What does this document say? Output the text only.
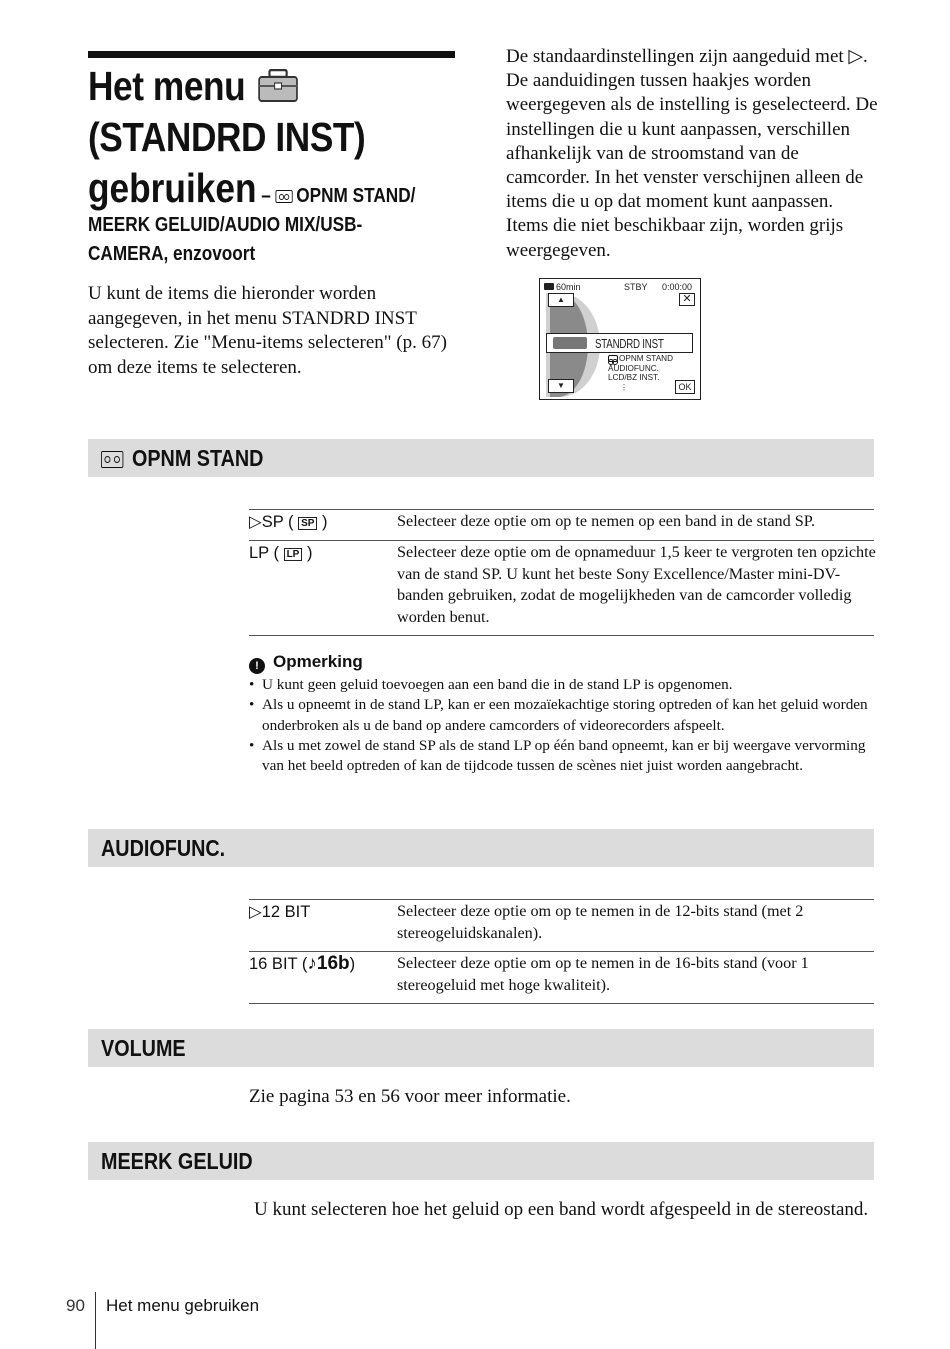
Het menu
(STANDRD INST)
gebruiken – OPNM STAND/
MEERK GELUID/AUDIO MIX/USB-CAMERA, enzovoort
U kunt de items die hieronder worden aangegeven, in het menu STANDRD INST selecteren. Zie "Menu-items selecteren" (p. 67) om deze items te selecteren.
De standaardinstellingen zijn aangeduid met ▷. De aanduidingen tussen haakjes worden weergegeven als de instelling is geselecteerd. De instellingen die u kunt aanpassen, verschillen afhankelijk van de stroomstand van de camcorder. In het venster verschijnen alleen de items die u op dat moment kunt aanpassen. Items die niet beschikbaar zijn, worden grijs weergegeven.
60min	STBY 0:00:00
✕
▲
STANDRD INST
OPNM STAND
AUDIOFUNC.
LCD/BZ INST.
⋮
▼	OK
OPNM STAND
▷SP ( SP )	Selecteer deze optie om op te nemen op een band in de stand SP.
LP ( LP )	Selecteer deze optie om de opnameduur 1,5 keer te vergroten ten opzichte van de stand SP. U kunt het beste Sony Excellence/Master mini-DV-banden gebruiken, zodat de mogelijkheden van de camcorder volledig worden benut.
! Opmerking
• U kunt geen geluid toevoegen aan een band die in de stand LP is opgenomen.
• Als u opneemt in de stand LP, kan er een mozaïekachtige storing optreden of kan het geluid worden onderbroken als u de band op andere camcorders of videorecorders afspeelt.
• Als u met zowel de stand SP als de stand LP op één band opneemt, kan er bij weergave vervorming van het beeld optreden of kan de tijdcode tussen de scènes niet juist worden aangebracht.
AUDIOFUNC.
▷12 BIT	Selecteer deze optie om op te nemen in de 12-bits stand (met 2 stereogeluidskanalen).
16 BIT (♪16b)	Selecteer deze optie om op te nemen in de 16-bits stand (voor 1 stereogeluid met hoge kwaliteit).
VOLUME
Zie pagina 53 en 56 voor meer informatie.
MEERK GELUID
U kunt selecteren hoe het geluid op een band wordt afgespeeld in de stereostand.
90 Het menu gebruiken
